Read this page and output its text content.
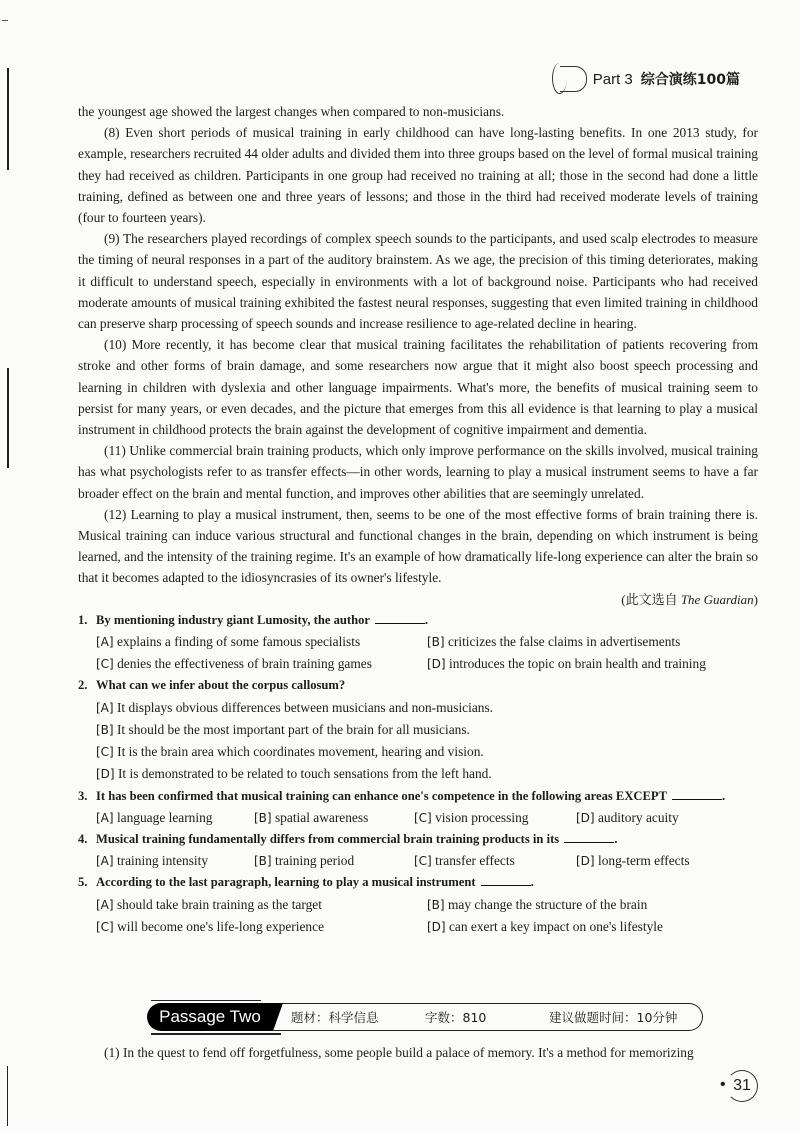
Part 3 综合演练100篇

the youngest age showed the largest changes when compared to non-musicians.

(8) Even short periods of musical training in early childhood can have long-lasting benefits. In one 2013 study, for example, researchers recruited 44 older adults and divided them into three groups based on the level of formal musical training they had received as children. Participants in one group had received no training at all; those in the second had done a little training, defined as between one and three years of lessons; and those in the third had received moderate levels of training (four to fourteen years).

(9) The researchers played recordings of complex speech sounds to the participants, and used scalp electrodes to measure the timing of neural responses in a part of the auditory brainstem. As we age, the precision of this timing deteriorates, making it difficult to understand speech, especially in environments with a lot of background noise. Participants who had received moderate amounts of musical training exhibited the fastest neural responses, suggesting that even limited training in childhood can preserve sharp processing of speech sounds and increase resilience to age-related decline in hearing.

(10) More recently, it has become clear that musical training facilitates the rehabilitation of patients recovering from stroke and other forms of brain damage, and some researchers now argue that it might also boost speech processing and learning in children with dyslexia and other language impairments. What's more, the benefits of musical training seem to persist for many years, or even decades, and the picture that emerges from this all evidence is that learning to play a musical instrument in childhood protects the brain against the development of cognitive impairment and dementia.

(11) Unlike commercial brain training products, which only improve performance on the skills involved, musical training has what psychologists refer to as transfer effects—in other words, learning to play a musical instrument seems to have a far broader effect on the brain and mental function, and improves other abilities that are seemingly unrelated.

(12) Learning to play a musical instrument, then, seems to be one of the most effective forms of brain training there is. Musical training can induce various structural and functional changes in the brain, depending on which instrument is being learned, and the intensity of the training regime. It's an example of how dramatically life-long experience can alter the brain so that it becomes adapted to the idiosyncrasies of its owner's lifestyle.

(此文选自 The Guardian)

1. By mentioning industry giant Lumosity, the author	.

[A] explains a finding of some famous specialists	[B] criticizes the false claims in advertisements
[C] denies the effectiveness of brain training games	[D] introduces the topic on brain health and training

2. What can we infer about the corpus callosum?

[A] It displays obvious differences between musicians and non-musicians.
[B] It should be the most important part of the brain for all musicians.
[C] It is the brain area which coordinates movement, hearing and vision.
[D] It is demonstrated to be related to touch sensations from the left hand.

3. It has been confirmed that musical training can enhance one's competence in the following areas EXCEPT	.

[A] language learning	[B] spatial awareness	[C] vision processing	[D] auditory acuity

4. Musical training fundamentally differs from commercial brain training products in its	.

[A] training intensity	[B] training period	[C] transfer effects	[D] long-term effects

5. According to the last paragraph, learning to play a musical instrument	.

[A] should take brain training as the target	[B] may change the structure of the brain
[C] will become one's life-long experience	[D] can exert a key impact on one's lifestyle
Passage Two	题材：科学信息	字数：810	建议做题时间：10分钟
(1) In the quest to fend off forgetfulness, some people build a palace of memory. It's a method for memorizing
• 31
